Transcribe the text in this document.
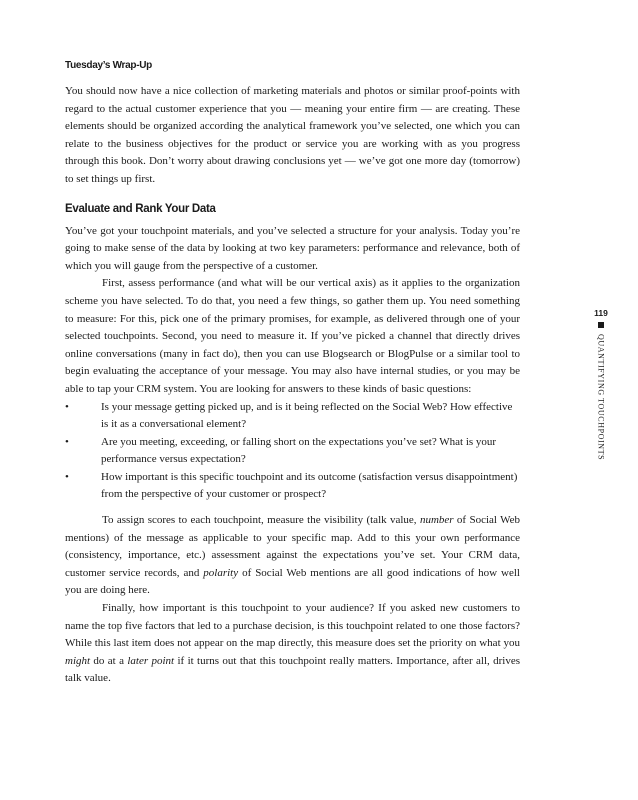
Tuesday’s Wrap-Up

You should now have a nice collection of marketing materials and photos or similar proof-points with regard to the actual customer experience that you — meaning your entire firm — are creating. These elements should be organized according the analytical framework you’ve selected, one which you can relate to the business objectives for the product or service you are working with as you progress through this book. Don’t worry about drawing conclusions yet — we’ve got one more day (tomorrow) to set things up first.

Evaluate and Rank Your Data

You’ve got your touchpoint materials, and you’ve selected a structure for your analysis. Today you’re going to make sense of the data by looking at two key parameters: performance and relevance, both of which you will gauge from the perspective of a customer.

First, assess performance (and what will be our vertical axis) as it applies to the organization scheme you have selected. To do that, you need a few things, so gather them up. You need something to measure: For this, pick one of the primary promises, for example, as delivered through one of your selected touchpoints. Second, you need to measure it. If you’ve picked a channel that directly drives online conversations (many in fact do), then you can use Blogsearch or BlogPulse or a similar tool to begin evaluating the acceptance of your message. You may also have internal studies, or you may be able to tap your CRM system. You are looking for answers to these kinds of basic questions:

•	Is your message getting picked up, and is it being reflected on the Social Web? How effective is it as a conversational element?
•	Are you meeting, exceeding, or falling short on the expectations you’ve set? What is your performance versus expectation?
•	How important is this specific touchpoint and its outcome (satisfaction versus disappointment) from the perspective of your customer or prospect?

To assign scores to each touchpoint, measure the visibility (talk value, number of Social Web mentions) of the message as applicable to your specific map. Add to this your own performance (consistency, importance, etc.) assessment against the expectations you’ve set. Your CRM data, customer service records, and polarity of Social Web mentions are all good indications of how well you are doing here.

Finally, how important is this touchpoint to your audience? If you asked new customers to name the top five factors that led to a purchase decision, is this touchpoint related to one those factors? While this last item does not appear on the map directly, this measure does set the priority on what you might do at a later point if it turns out that this touchpoint really matters. Importance, after all, drives talk value.

119
QUANTIFYING TOUCHPOINTS
